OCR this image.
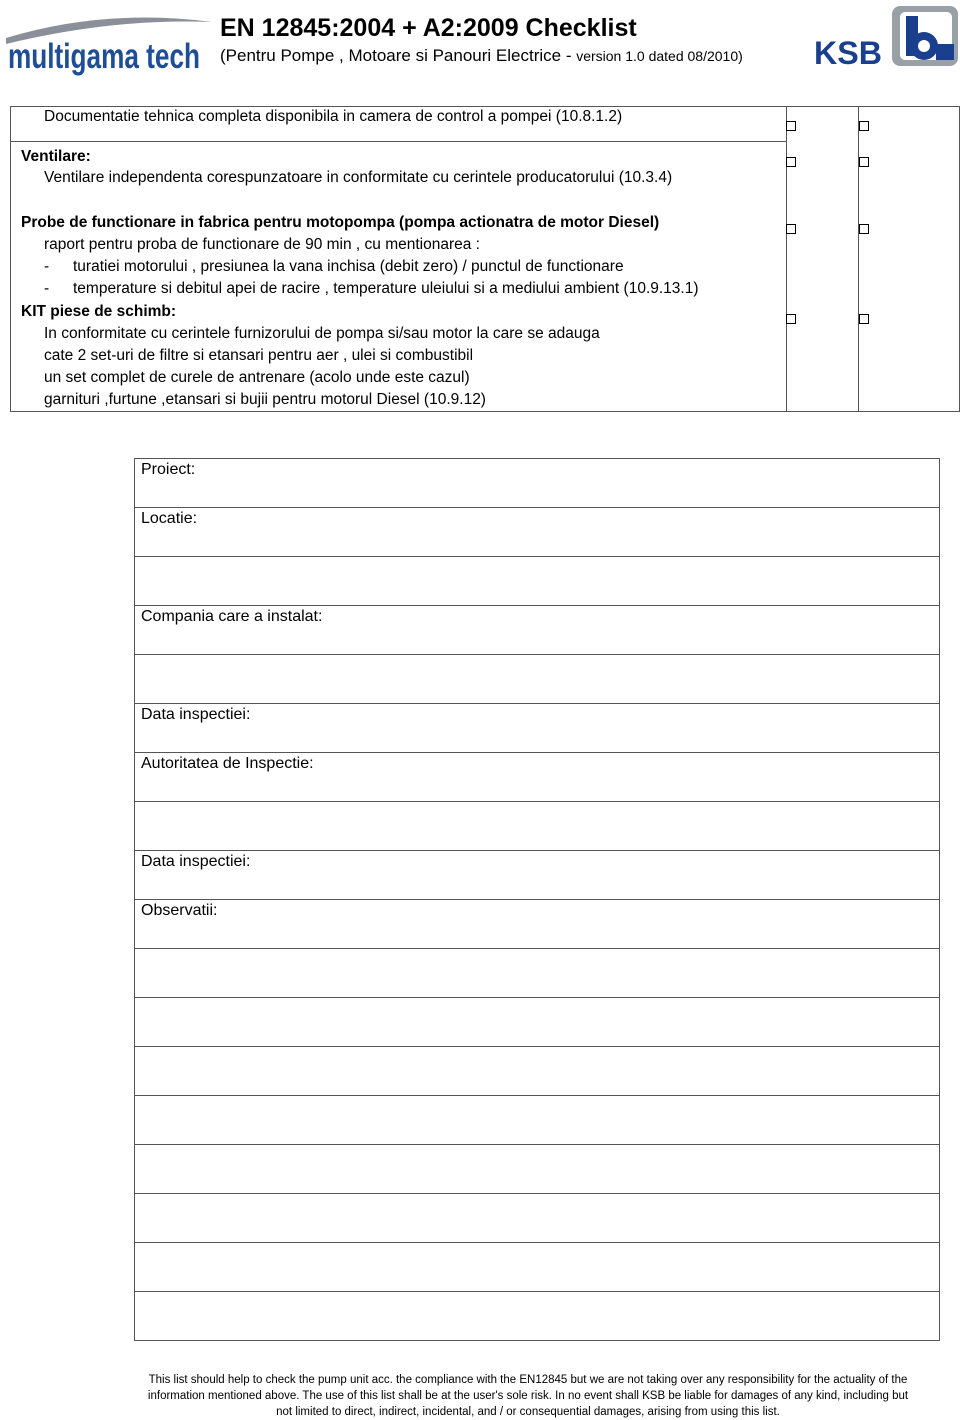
multigama tech
EN 12845:2004 + A2:2009 Checklist
(Pentru Pompe , Motoare si Panouri Electrice - version 1.0 dated 08/2010) KSB
Documentatie tehnica completa disponibila in camera de control a pompei (10.8.1.2)
Ventilare:
Ventilare independenta corespunzatoare in conformitate cu cerintele producatorului (10.3.4)
Probe de functionare in fabrica pentru motopompa (pompa actionatra de motor Diesel)
raport pentru proba de functionare de 90 min , cu mentionarea :
- turatiei motorului , presiunea la vana inchisa (debit zero) / punctul de functionare
- temperature si debitul apei de racire , temperature uleiului si a mediului ambient (10.9.13.1)
KIT piese de schimb:
In conformitate cu cerintele furnizorului de pompa si/sau motor la care se adauga
cate 2 set-uri de filtre si etansari pentru aer , ulei si combustibil
un set complet de curele de antrenare (acolo unde este cazul)
garnituri ,furtune ,etansari si bujii pentru motorul Diesel (10.9.12)
Proiect:
Locatie:
Compania care a instalat:
Data inspectiei:
Autoritatea de Inspectie:
Data inspectiei:
Observatii:
This list should help to check the pump unit acc. the compliance with the EN12845 but we are not taking over any responsibility for the actuality of the
information mentioned above. The use of this list shall be at the user's sole risk. In no event shall KSB be liable for damages of any kind, including but
not limited to direct, indirect, incidental, and / or consequential damages, arising from using this list.
